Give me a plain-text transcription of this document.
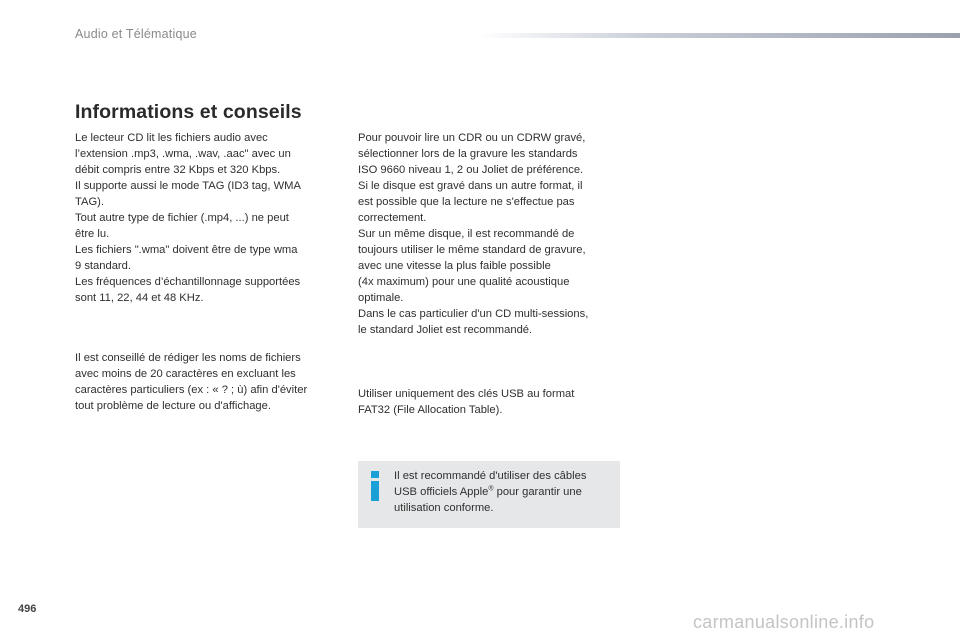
Audio et Télématique
Informations et conseils
Le lecteur CD lit les fichiers audio avec
l’extension .mp3, .wma, .wav, .aac" avec un
débit compris entre 32 Kbps et 320 Kbps.
Il supporte aussi le mode TAG (ID3 tag, WMA
TAG).
Tout autre type de fichier (.mp4, ...) ne peut
être lu.
Les fichiers ".wma" doivent être de type wma
9 standard.
Les fréquences d’échantillonnage supportées
sont 11, 22, 44 et 48 KHz.
Il est conseillé de rédiger les noms de fichiers
avec moins de 20 caractères en excluant les
caractères particuliers (ex : « ? ; ù) afin d'éviter
tout problème de lecture ou d'affichage.
Pour pouvoir lire un CDR ou un CDRW gravé,
sélectionner lors de la gravure les standards
ISO 9660 niveau 1, 2 ou Joliet de préférence.
Si le disque est gravé dans un autre format, il
est possible que la lecture ne s'effectue pas
correctement.
Sur un même disque, il est recommandé de
toujours utiliser le même standard de gravure,
avec une vitesse la plus faible possible
(4x maximum) pour une qualité acoustique
optimale.
Dans le cas particulier d'un CD multi-sessions,
le standard Joliet est recommandé.
Utiliser uniquement des clés USB au format
FAT32 (File Allocation Table).
Il est recommandé d'utiliser des câbles
USB officiels Apple® pour garantir une
utilisation conforme.
496
carmanualsonline.info
